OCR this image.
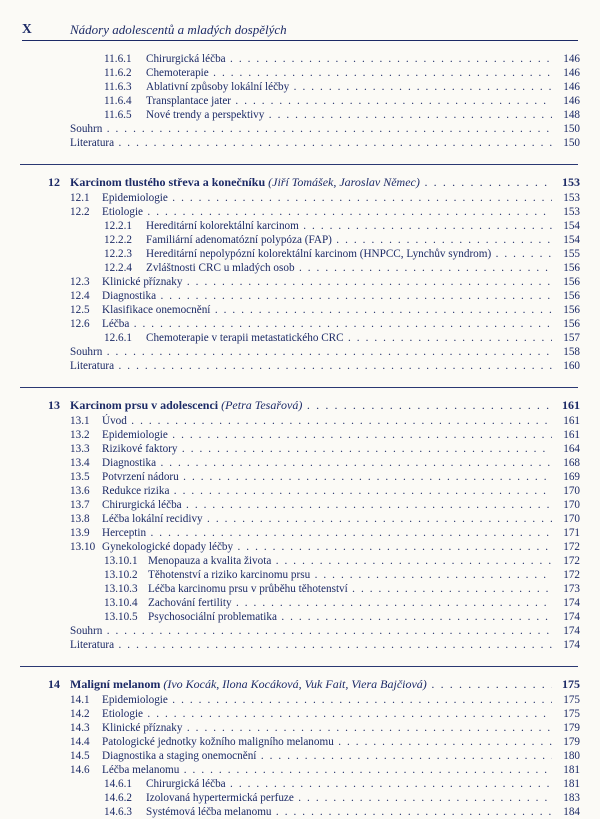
X	Nádory adolescentů a mladých dospělých
11.6.1 Chirurgická léčba . . .	146
11.6.2 Chemoterapie . . .	146
11.6.3 Ablativní způsoby lokální léčby . . .	146
11.6.4 Transplantace jater . . .	146
11.6.5 Nové trendy a perspektivy . . .	148
Souhrn . . .	150
Literatura . . .	150
12 Karcinom tlustého střeva a konečníku (Jiří Tomášek, Jaroslav Němec) . . .	153
12.1 Epidemiologie . . .	153
12.2 Etiologie . . .	153
12.2.1 Hereditární kolorektální karcinom . . .	154
12.2.2 Familiární adenomatózní polypóza (FAP) . . .	154
12.2.3 Hereditární nepolypózní kolorektální karcinom (HNPCC, Lynchův syndrom) . . .	155
12.2.4 Zvláštnosti CRC u mladých osob . . .	156
12.3 Klinické příznaky . . .	156
12.4 Diagnostika . . .	156
12.5 Klasifikace onemocnění . . .	156
12.6 Léčba . . .	156
12.6.1 Chemoterapie v terapii metastatického CRC . . .	157
Souhrn . . .	158
Literatura . . .	160
13 Karcinom prsu v adolescenci (Petra Tesařová) . . .	161
13.1 Úvod . . .	161
13.2 Epidemiologie . . .	161
13.3 Rizikové faktory . . .	164
13.4 Diagnostika . . .	168
13.5 Potvrzení nádoru . . .	169
13.6 Redukce rizika . . .	170
13.7 Chirurgická léčba . . .	170
13.8 Léčba lokální recidivy . . .	170
13.9 Herceptin . . .	171
13.10 Gynekologické dopady léčby . . .	172
13.10.1 Menopauza a kvalita života . . .	172
13.10.2 Těhotenství a riziko karcinomu prsu . . .	172
13.10.3 Léčba karcinomu prsu v průběhu těhotenství . . .	173
13.10.4 Zachování fertility . . .	174
13.10.5 Psychosociální problematika . . .	174
Souhrn . . .	174
Literatura . . .	174
14 Maligní melanom (Ivo Kocák, Ilona Kocáková, Vuk Fait, Viera Bajčiová) . . .	175
14.1 Epidemiologie . . .	175
14.2 Etiologie . . .	175
14.3 Klinické příznaky . . .	179
14.4 Patologické jednotky kožního maligního melanomu . . .	179
14.5 Diagnostika a staging onemocnění . . .	180
14.6 Léčba melanomu . . .	181
14.6.1 Chirurgická léčba . . .	181
14.6.2 Izolovaná hypertermická perfuze . . .	183
14.6.3 Systémová léčba melanomu . . .	184
